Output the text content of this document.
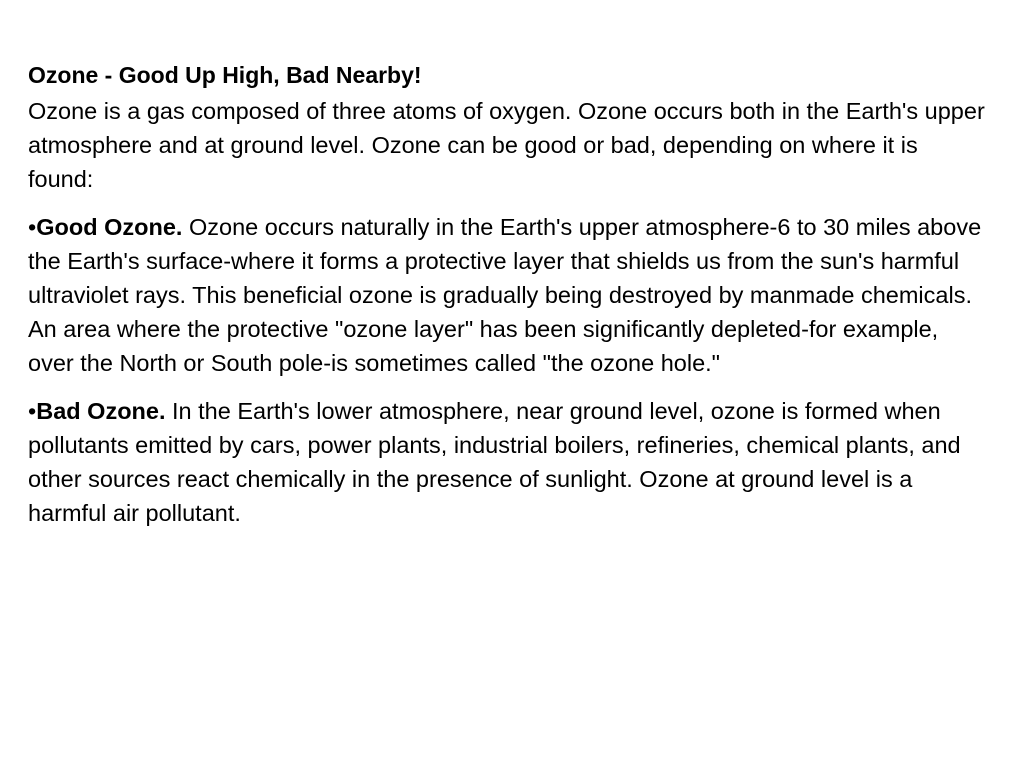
Ozone - Good Up High, Bad Nearby!
Ozone is a gas composed of three atoms of oxygen. Ozone occurs both in the Earth's upper atmosphere and at ground level. Ozone can be good or bad, depending on where it is found:
•Good Ozone. Ozone occurs naturally in the Earth's upper atmosphere-6 to 30 miles above the Earth's surface-where it forms a protective layer that shields us from the sun's harmful ultraviolet rays. This beneficial ozone is gradually being destroyed by manmade chemicals. An area where the protective "ozone layer" has been significantly depleted-for example, over the North or South pole-is sometimes called "the ozone hole."
•Bad Ozone. In the Earth's lower atmosphere, near ground level, ozone is formed when pollutants emitted by cars, power plants, industrial boilers, refineries, chemical plants, and other sources react chemically in the presence of sunlight. Ozone at ground level is a harmful air pollutant.
